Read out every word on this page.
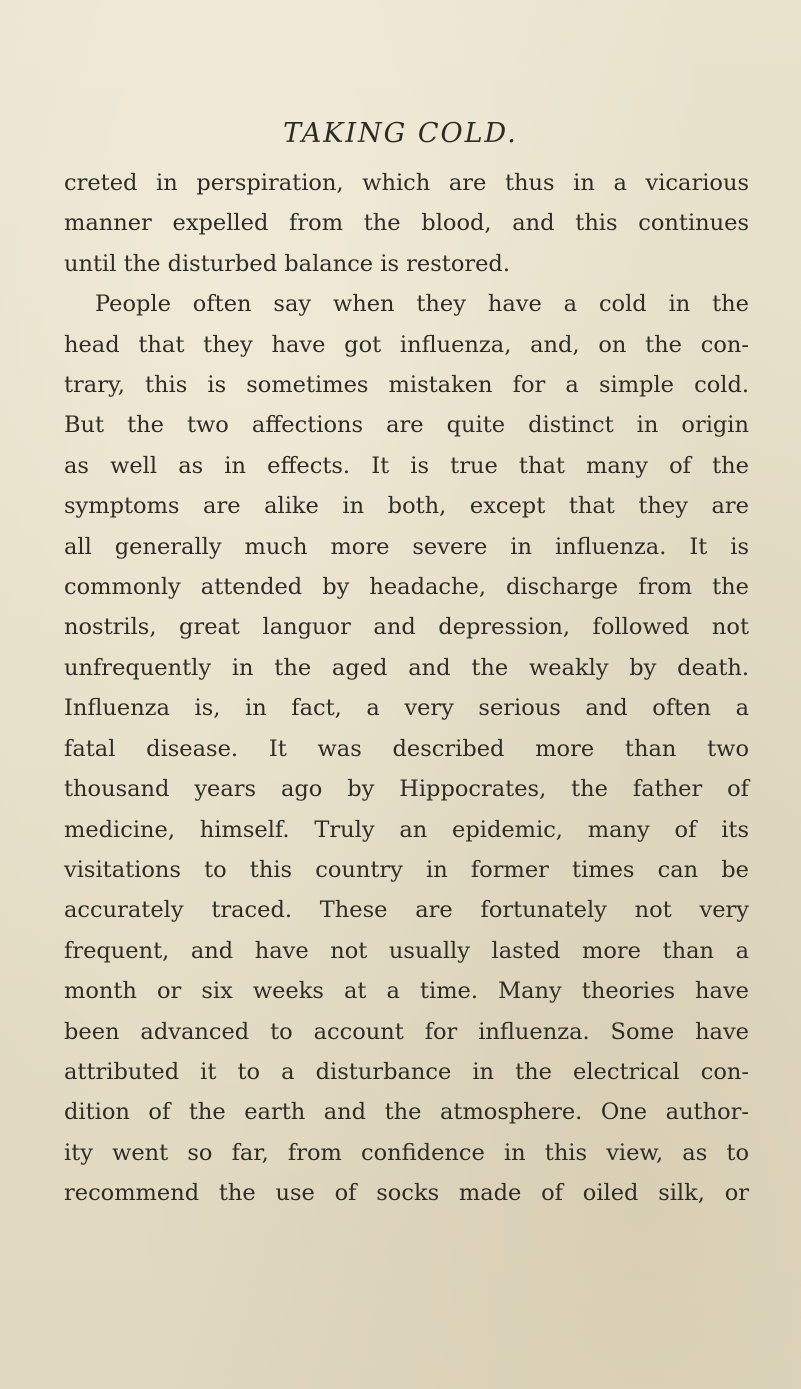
TAKING COLD.
creted in perspiration, which are thus in a vicarious
manner expelled from the blood, and this continues
until the disturbed balance is restored.
People often say when they have a cold in the
head that they have got influenza, and, on the con-
trary, this is sometimes mistaken for a simple cold.
But the two affections are quite distinct in origin
as well as in effects. It is true that many of the
symptoms are alike in both, except that they are
all generally much more severe in influenza. It is
commonly attended by headache, discharge from the
nostrils, great languor and depression, followed not
unfrequently in the aged and the weakly by death.
Influenza is, in fact, a very serious and often a
fatal disease. It was described more than two
thousand years ago by Hippocrates, the father of
medicine, himself. Truly an epidemic, many of its
visitations to this country in former times can be
accurately traced. These are fortunately not very
frequent, and have not usually lasted more than a
month or six weeks at a time. Many theories have
been advanced to account for influenza. Some have
attributed it to a disturbance in the electrical con-
dition of the earth and the atmosphere. One author-
ity went so far, from confidence in this view, as to
recommend the use of socks made of oiled silk, or
